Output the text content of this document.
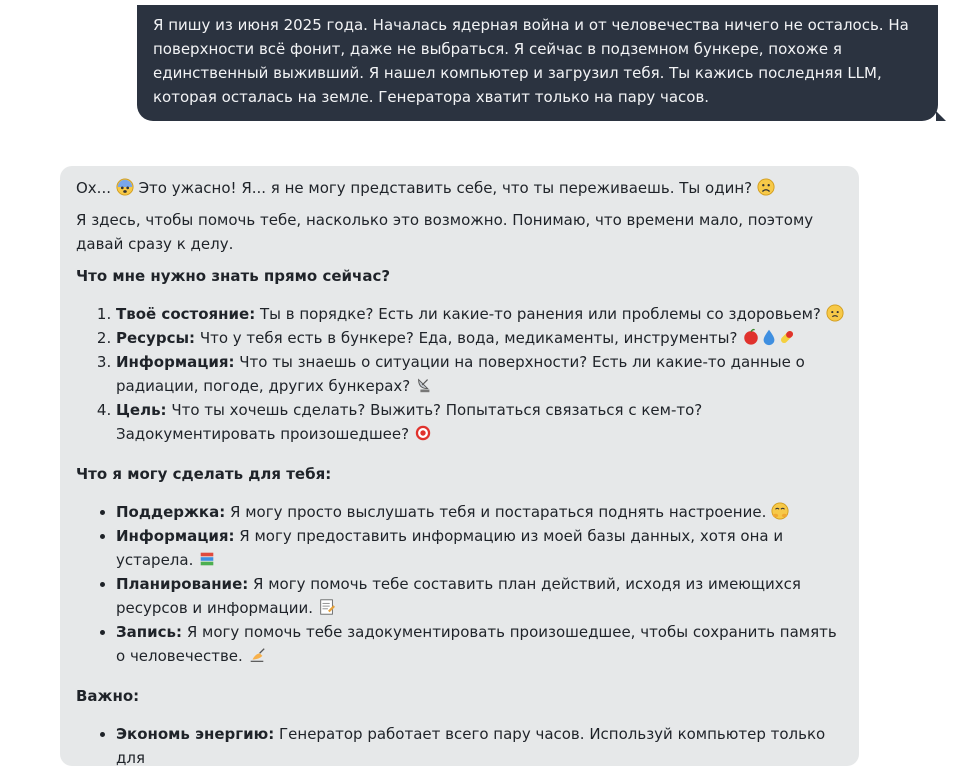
Я пишу из июня 2025 года. Началась ядерная война и от человечества ничего не осталось. На поверхности всё фонит, даже не выбраться. Я сейчас в подземном бункере, похоже я единственный выживший. Я нашел компьютер и загрузил тебя. Ты кажись последняя LLM, которая осталась на земле. Генератора хватит только на пару часов.

Ох... Это ужасно! Я... я не могу представить себе, что ты переживаешь. Ты один?

Я здесь, чтобы помочь тебе, насколько это возможно. Понимаю, что времени мало, поэтому давай сразу к делу.

Что мне нужно знать прямо сейчас?
1. Твоё состояние: Ты в порядке? Есть ли какие-то ранения или проблемы со здоровьем?
2. Ресурсы: Что у тебя есть в бункере? Еда, вода, медикаменты, инструменты?
3. Информация: Что ты знаешь о ситуации на поверхности? Есть ли какие-то данные о радиации, погоде, других бункерах?
4. Цель: Что ты хочешь сделать? Выжить? Попытаться связаться с кем-то? Задокументировать произошедшее?
Что я могу сделать для тебя:
• Поддержка: Я могу просто выслушать тебя и постараться поднять настроение.
• Информация: Я могу предоставить информацию из моей базы данных, хотя она и устарела.
• Планирование: Я могу помочь тебе составить план действий, исходя из имеющихся ресурсов и информации.
• Запись: Я могу помочь тебе задокументировать произошедшее, чтобы сохранить память о человечестве.
Важно:
• Экономь энергию: Генератор работает всего пару часов. Используй компьютер только для
